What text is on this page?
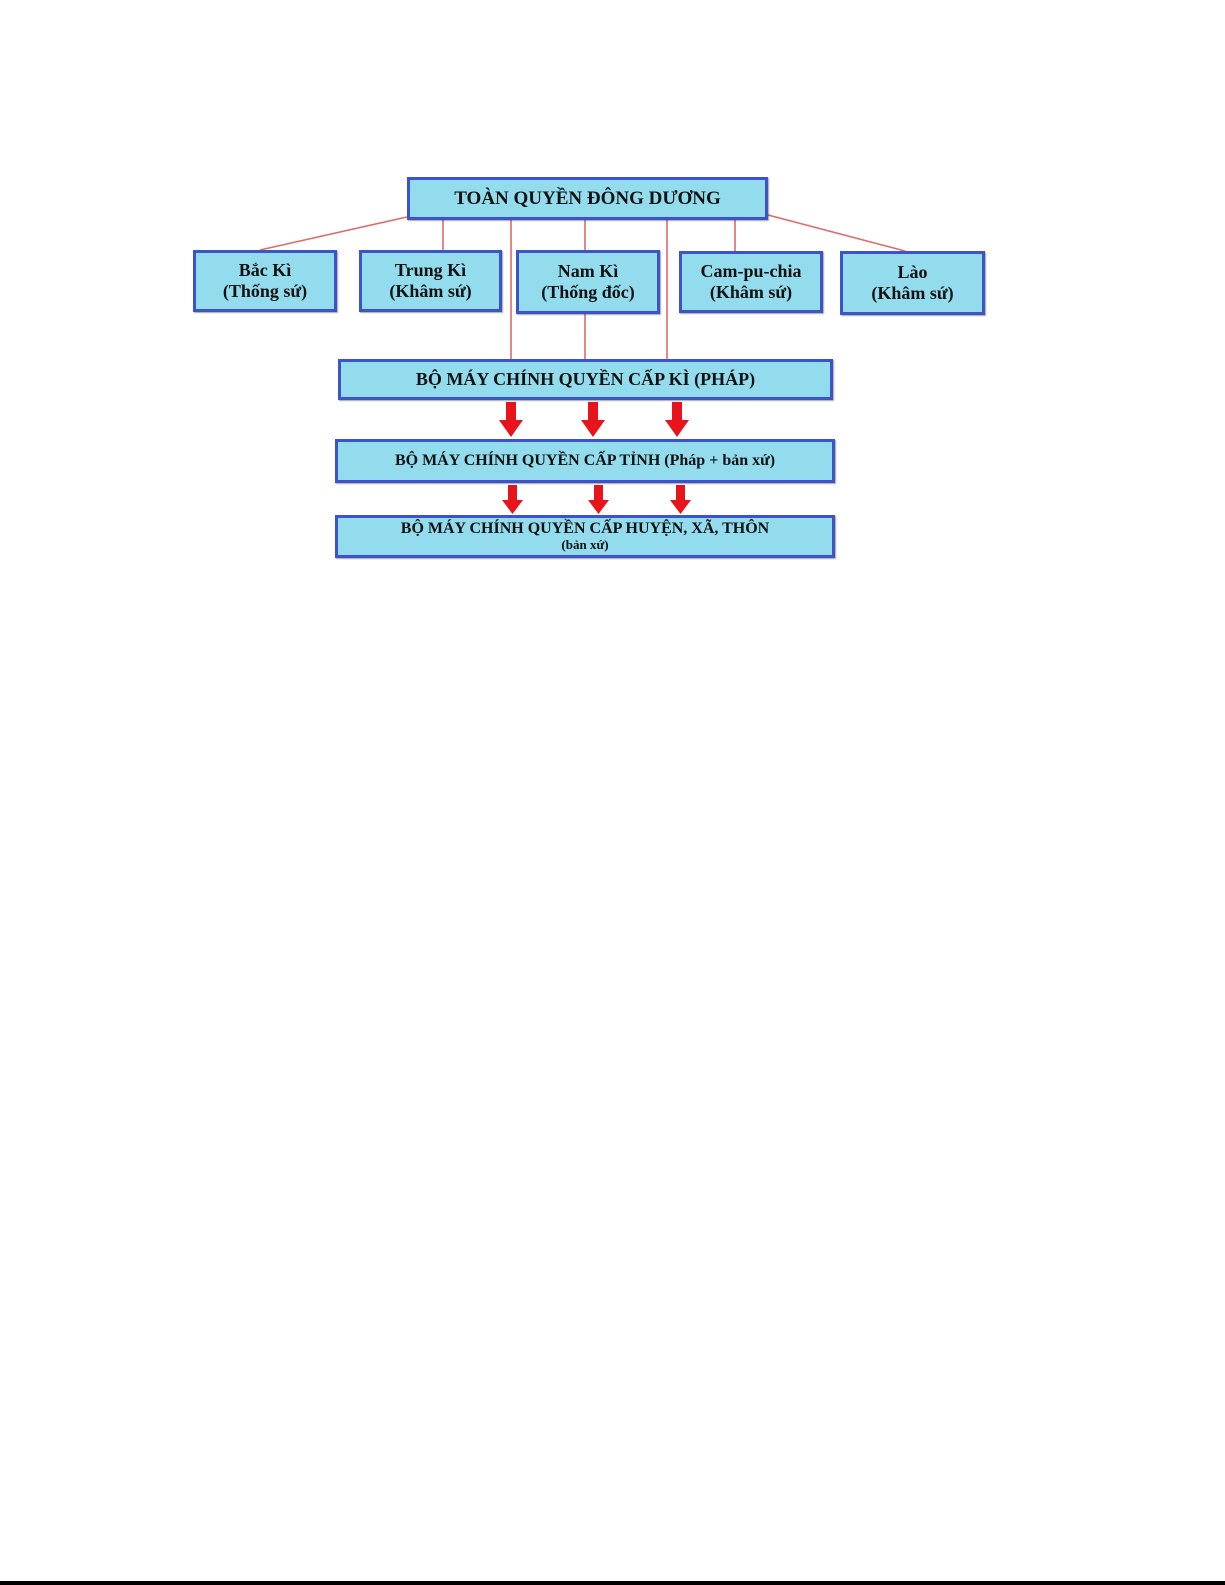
TOÀN QUYỀN ĐÔNG DƯƠNG
Bắc Kì
(Thống sứ)
Trung Kì
(Khâm sứ)
Nam Kì
(Thống đốc)
Cam-pu-chia
(Khâm sứ)
Lào
(Khâm sứ)
BỘ MÁY CHÍNH QUYỀN CẤP KÌ (PHÁP)
BỘ MÁY CHÍNH QUYỀN CẤP TỈNH (Pháp + bản xứ)
BỘ MÁY CHÍNH QUYỀN CẤP HUYỆN, XÃ, THÔN
(bản xứ)
